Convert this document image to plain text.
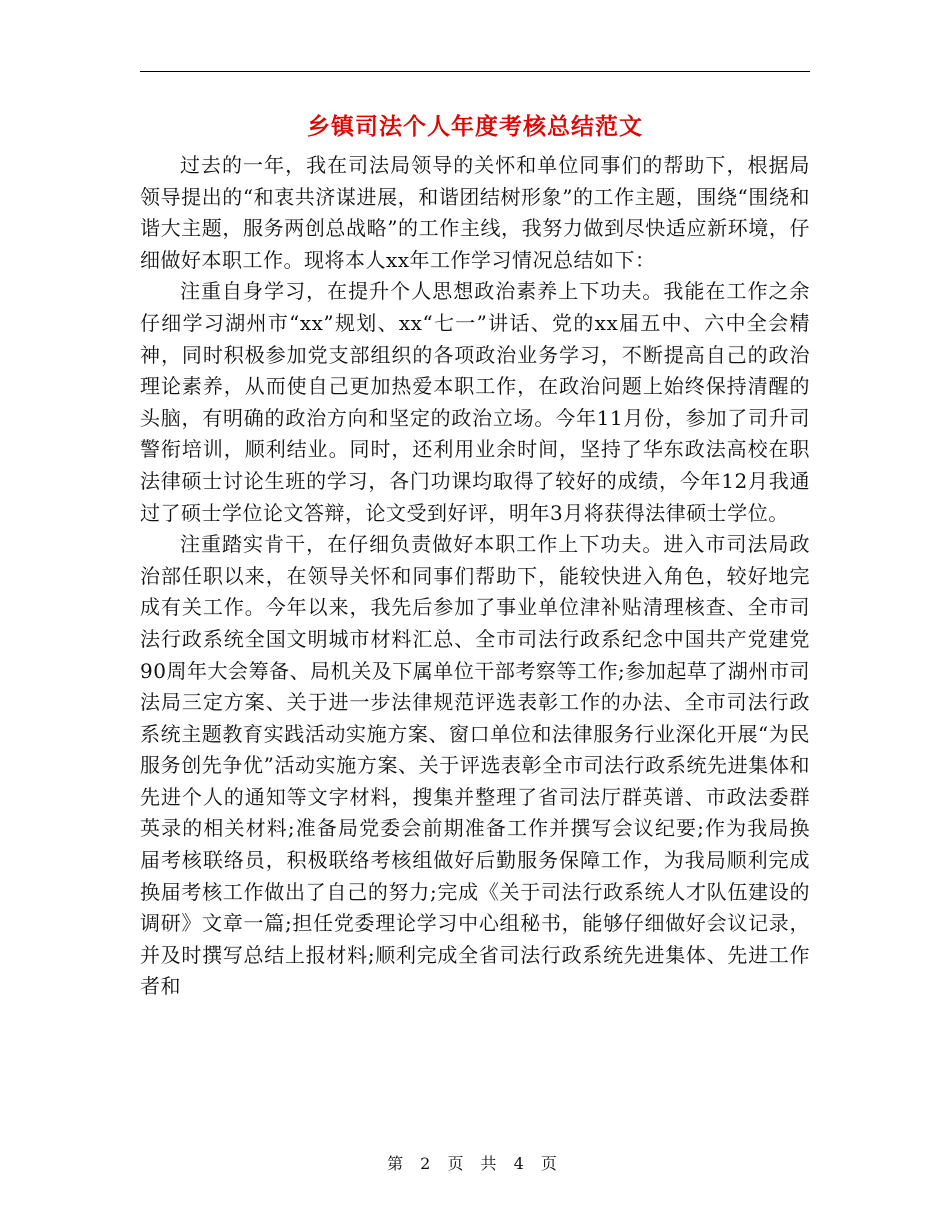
乡镇司法个人年度考核总结范文

过去的一年，我在司法局领导的关怀和单位同事们的帮助下，根据局领导提出的“和衷共济谋进展，和谐团结树形象”的工作主题，围绕“围绕和谐大主题，服务两创总战略”的工作主线，我努力做到尽快适应新环境，仔细做好本职工作。现将本人xx年工作学习情况总结如下：

注重自身学习，在提升个人思想政治素养上下功夫。我能在工作之余仔细学习湖州市“xx”规划、xx“七一”讲话、党的xx届五中、六中全会精神，同时积极参加党支部组织的各项政治业务学习，不断提高自己的政治理论素养，从而使自己更加热爱本职工作，在政治问题上始终保持清醒的头脑，有明确的政治方向和坚定的政治立场。今年11月份，参加了司升司警衔培训，顺利结业。同时，还利用业余时间，坚持了华东政法高校在职法律硕士讨论生班的学习，各门功课均取得了较好的成绩，今年12月我通过了硕士学位论文答辩，论文受到好评，明年3月将获得法律硕士学位。

注重踏实肯干，在仔细负责做好本职工作上下功夫。进入市司法局政治部任职以来，在领导关怀和同事们帮助下，能较快进入角色，较好地完成有关工作。今年以来，我先后参加了事业单位津补贴清理核查、全市司法行政系统全国文明城市材料汇总、全市司法行政系纪念中国共产党建党90周年大会筹备、局机关及下属单位干部考察等工作;参加起草了湖州市司法局三定方案、关于进一步法律规范评选表彰工作的办法、全市司法行政系统主题教育实践活动实施方案、窗口单位和法律服务行业深化开展“为民服务创先争优”活动实施方案、关于评选表彰全市司法行政系统先进集体和先进个人的通知等文字材料，搜集并整理了省司法厅群英谱、市政法委群英录的相关材料;准备局党委会前期准备工作并撰写会议纪要;作为我局换届考核联络员，积极联络考核组做好后勤服务保障工作，为我局顺利完成换届考核工作做出了自己的努力;完成《关于司法行政系统人才队伍建设的调研》文章一篇;担任党委理论学习中心组秘书，能够仔细做好会议记录，并及时撰写总结上报材料;顺利完成全省司法行政系统先进集体、先进工作者和

第 2 页 共 4 页
